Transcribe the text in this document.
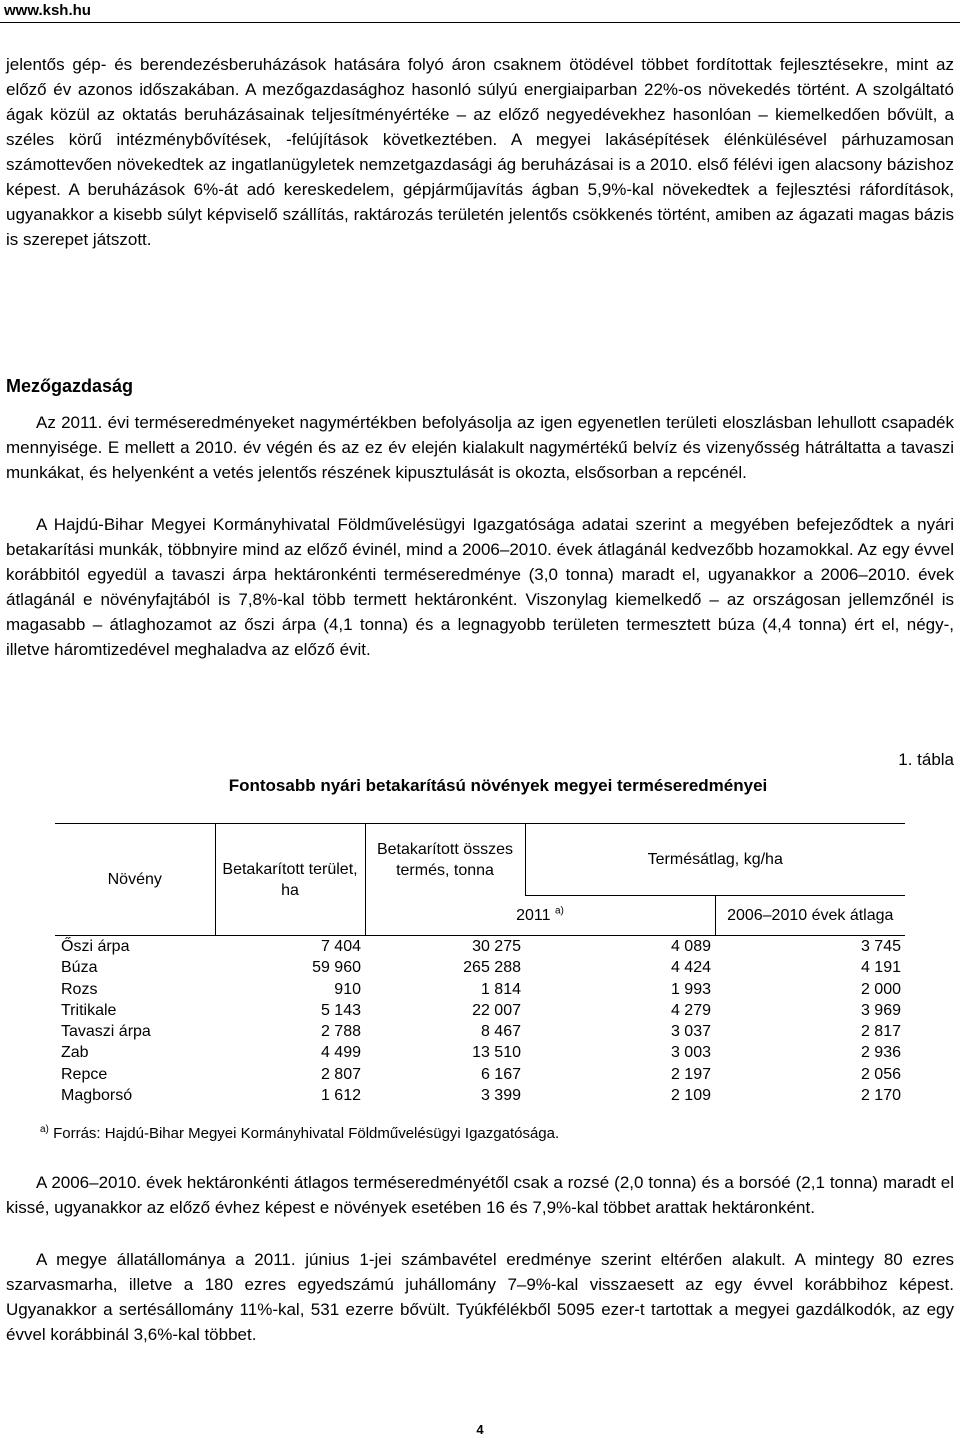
www.ksh.hu

jelentős gép- és berendezésberuházások hatására folyó áron csaknem ötödével többet fordítottak fejlesztésekre, mint az előző év azonos időszakában. A mezőgazdasághoz hasonló súlyú energiaiparban 22%-os növekedés történt. A szolgáltató ágak közül az oktatás beruházásainak teljesítményértéke – az előző negyedévekhez hasonlóan – kiemelkedően bővült, a széles körű intézménybővítések, -felújítások következtében. A megyei lakásépítések élénkülésével párhuzamosan számottevően növekedtek az ingatlanügyletek nemzetgazdasági ág beruházásai is a 2010. első félévi igen alacsony bázishoz képest. A beruházások 6%-át adó kereskedelem, gépjárműjavítás ágban 5,9%-kal növekedtek a fejlesztési ráfordítások, ugyanakkor a kisebb súlyt képviselő szállítás, raktározás területén jelentős csökkenés történt, amiben az ágazati magas bázis is szerepet játszott.

Mezőgazdaság

Az 2011. évi terméseredményeket nagymértékben befolyásolja az igen egyenetlen területi eloszlásban lehullott csapadék mennyisége. E mellett a 2010. év végén és az ez év elején kialakult nagymértékű belvíz és vizenyősség hátráltatta a tavaszi munkákat, és helyenként a vetés jelentős részének kipusztulását is okozta, elsősorban a repcénél.

A Hajdú-Bihar Megyei Kormányhivatal Földművelésügyi Igazgatósága adatai szerint a megyében befejeződtek a nyári betakarítási munkák, többnyire mind az előző évinél, mind a 2006–2010. évek átlagánál kedvezőbb hozamokkal. Az egy évvel korábbitól egyedül a tavaszi árpa hektáronkénti terméseredménye (3,0 tonna) maradt el, ugyanakkor a 2006–2010. évek átlagánál e növényfajtából is 7,8%-kal több termett hektáronként. Viszonylag kiemelkedő – az országosan jellemzőnél is magasabb – átlaghozamot az őszi árpa (4,1 tonna) és a legnagyobb területen termesztett búza (4,4 tonna) ért el, négy-, illetve háromtizedével meghaladva az előző évit.

1. tábla
Fontosabb nyári betakarítású növények megyei terméseredményei
Növény	Betakarított terület, ha	Betakarított összes termés, tonna	Termésátlag, kg/ha	
		2011 $^{a)}$		2006–2010 évek átlaga
Őszi árpa	7 404	30 275	4 089	3 745
Búza	59 960	265 288	4 424	4 191
Rozs	910	1 814	1 993	2 000
Tritikale	5 143	22 007	4 279	3 969
Tavaszi árpa	2 788	8 467	3 037	2 817
Zab	4 499	13 510	3 003	2 936
Repce	2 807	6 167	2 197	2 056
Magborsó	1 612	3 399	2 109	2 170
$^{a)}$ Forrás: Hajdú-Bihar Megyei Kormányhivatal Földművelésügyi Igazgatósága.

A 2006–2010. évek hektáronkénti átlagos terméseredményétől csak a rozsé (2,0 tonna) és a borsóé (2,1 tonna) maradt el kissé, ugyanakkor az előző évhez képest e növények esetében 16 és 7,9%-kal többet arattak hektáronként.

A megye állatállománya a 2011. június 1-jei számbavétel eredménye szerint eltérően alakult. A mintegy 80 ezres szarvasmarha, illetve a 180 ezres egyedszámú juhállomány 7–9%-kal visszaesett az egy évvel korábbihoz képest. Ugyanakkor a sertésállomány 11%-kal, 531 ezerre bővült. Tyúkfélékből 5095 ezer-t tartottak a megyei gazdálkodók, az egy évvel korábbinál 3,6%-kal többet.

4
